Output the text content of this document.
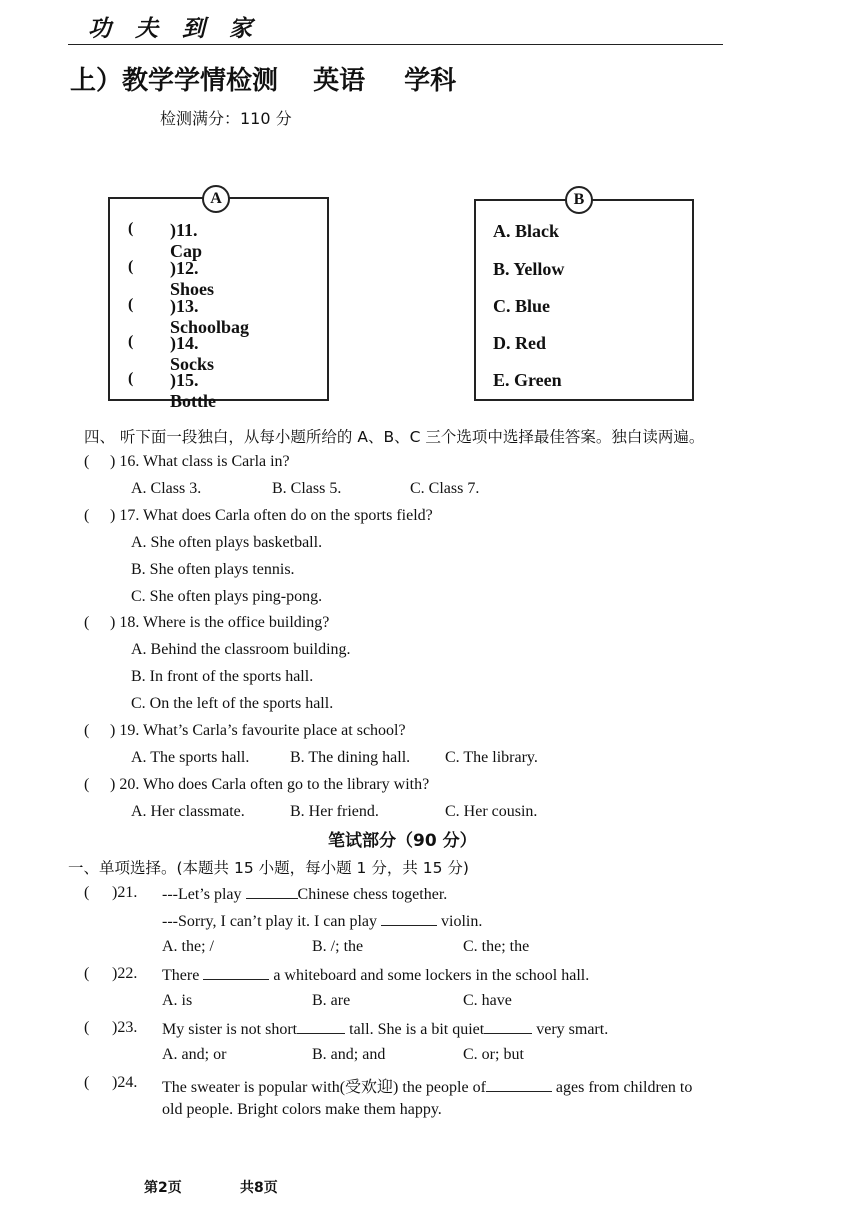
功 夫 到 家
上）教学学情检测 英语 学科
检测满分：110 分
A
( )11. Cap
( )12. Shoes
( )13. Schoolbag
( )14. Socks
( )15. Bottle
B
A. Black
B. Yellow
C. Blue
D. Red
E. Green
四、 听下面一段独白，从每小题所给的 A、B、C 三个选项中选择最佳答案。独白读两遍。
( ) 16. What class is Carla in?
A. Class 3.	B. Class 5.	C. Class 7.
( ) 17. What does Carla often do on the sports field?
A. She often plays basketball.
B. She often plays tennis.
C. She often plays ping-pong.
( ) 18. Where is the office building?
A. Behind the classroom building.
B. In front of the sports hall.
C. On the left of the sports hall.
( ) 19. What’s Carla’s favourite place at school?
A. The sports hall.	B. The dining hall. C. The library.
( ) 20. Who does Carla often go to the library with?
A. Her classmate.	B. Her friend.	C. Her cousin.
笔试部分（90 分）
一、单项选择。(本题共 15 小题，每小题 1 分，共 15 分)
( )21. ---Let’s play	Chinese chess together.
---Sorry, I can’t play it. I can play	violin.
A. the; /	B. /; the	C. the; the
( )22. There	a whiteboard and some lockers in the school hall.
A. is	B. are	C. have
( )23. My sister is not short	tall. She is a bit quiet	very smart.
A. and; or	B. and; and	C. or; but
( )24. The sweater is popular with(受欢迎) the people of	ages from children to
old people. Bright colors make them happy.
第2页	共8页
